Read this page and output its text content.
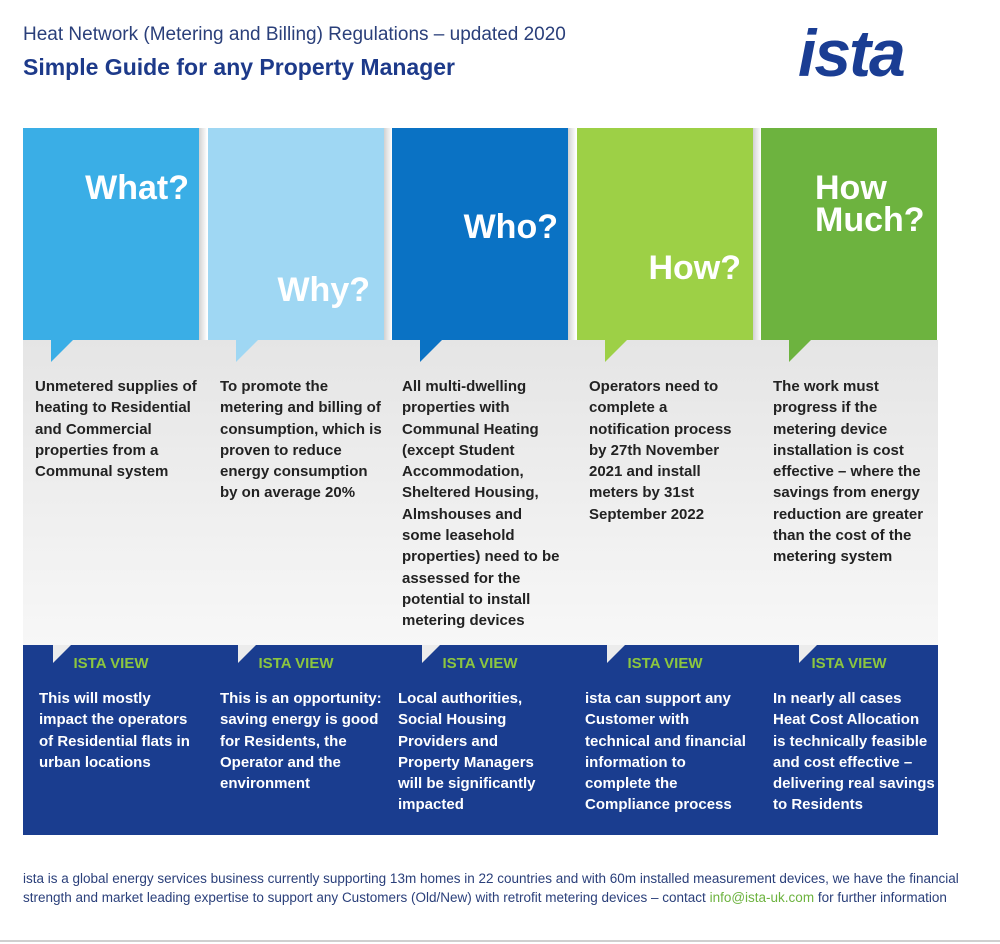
Heat Network (Metering and Billing) Regulations – updated 2020
Simple Guide for any Property Manager	ista
What?
Unmetered supplies of heating to Residential and Commercial properties from a Communal system
ISTA VIEW
This will mostly impact the operators of Residential flats in urban locations
Why?
To promote the metering and billing of consumption, which is proven to reduce energy consumption by on average 20%
ISTA VIEW
This is an opportunity: saving energy is good for Residents, the Operator and the environment
Who?
All multi-dwelling properties with Communal Heating (except Student Accommodation, Sheltered Housing, Almshouses and some leasehold properties) need to be assessed for the potential to install metering devices
ISTA VIEW
Local authorities, Social Housing Providers and Property Managers will be significantly impacted
How?
Operators need to complete a notification process by 27th November 2021 and install meters by 31st September 2022
ISTA VIEW
ista can support any Customer with technical and financial information to complete the Compliance process
How Much?
The work must progress if the metering device installation is cost effective – where the savings from energy reduction are greater than the cost of the metering system
ISTA VIEW
In nearly all cases Heat Cost Allocation is technically feasible and cost effective – delivering real savings to Residents
ista is a global energy services business currently supporting 13m homes in 22 countries and with 60m installed measurement devices, we have the financial strength and market leading expertise to support any Customers (Old/New) with retrofit metering devices – contact info@ista-uk.com for further information
